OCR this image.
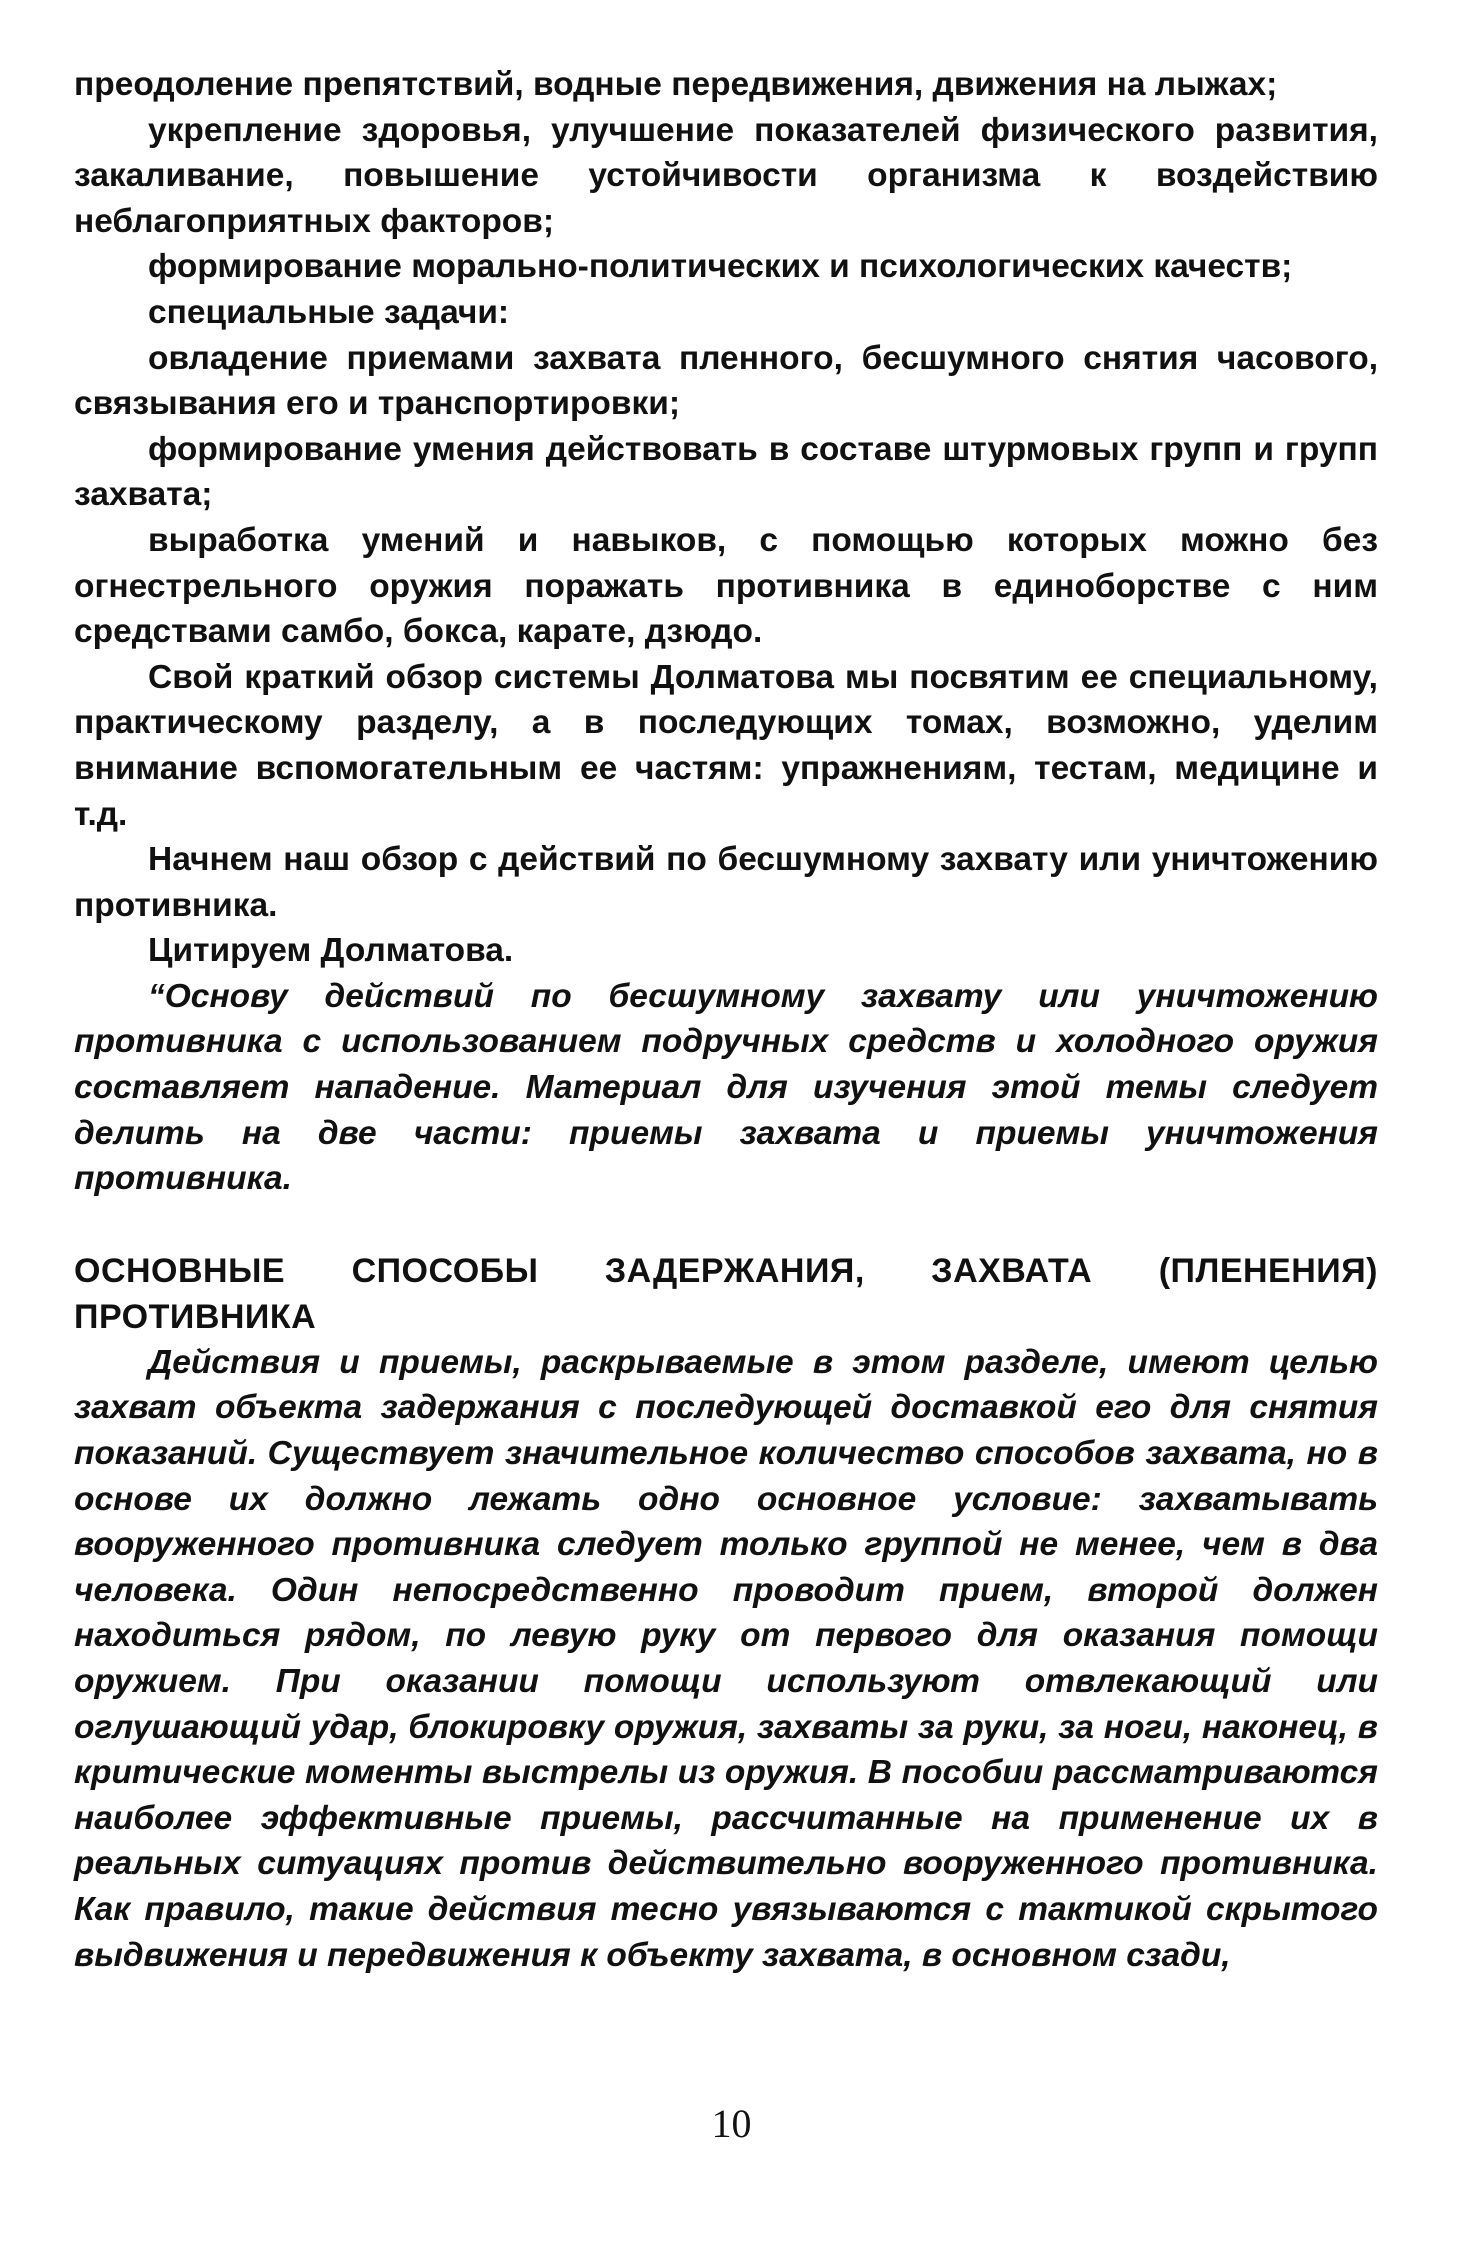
преодоление препятствий, водные передвижения, движения на лыжах;

укрепление здоровья, улучшение показателей физического развития, закаливание, повышение устойчивости организма к воздействию неблагоприятных факторов;

формирование морально-политических и психологических качеств;

специальные задачи:

овладение приемами захвата пленного, бесшумного снятия часового, связывания его и транспортировки;

формирование умения действовать в составе штурмовых групп и групп захвата;

выработка умений и навыков, с помощью которых можно без огнестрельного оружия поражать противника в единоборстве с ним средствами самбо, бокса, карате, дзюдо.

Свой краткий обзор системы Долматова мы посвятим ее специальному, практическому разделу, а в последующих томах, возможно, уделим внимание вспомогательным ее частям: упражнениям, тестам, медицине и т.д.

Начнем наш обзор с действий по бесшумному захвату или уничтожению противника.

Цитируем Долматова.

“Основу действий по бесшумному захвату или уничтожению противника с использованием подручных средств и холодного оружия составляет нападение. Материал для изучения этой темы следует делить на две части: приемы захвата и приемы уничтожения противника.

ОСНОВНЫЕ СПОСОБЫ ЗАДЕРЖАНИЯ, ЗАХВАТА (ПЛЕНЕНИЯ) ПРОТИВНИКА

Действия и приемы, раскрываемые в этом разделе, имеют целью захват объекта задержания с последующей доставкой его для снятия показаний. Существует значительное количество способов захвата, но в основе их должно лежать одно основное условие: захватывать вооруженного противника следует только группой не менее, чем в два человека. Один непосредственно проводит прием, второй должен находиться рядом, по левую руку от первого для оказания помощи оружием. При оказании помощи используют отвлекающий или оглушающий удар, блокировку оружия, захваты за руки, за ноги, наконец, в критические моменты выстрелы из оружия. В пособии рассматриваются наиболее эффективные приемы, рассчитанные на применение их в реальных ситуациях против действительно вооруженного противника. Как правило, такие действия тесно увязываются с тактикой скрытого выдвижения и передвижения к объекту захвата, в основном сзади,

10
